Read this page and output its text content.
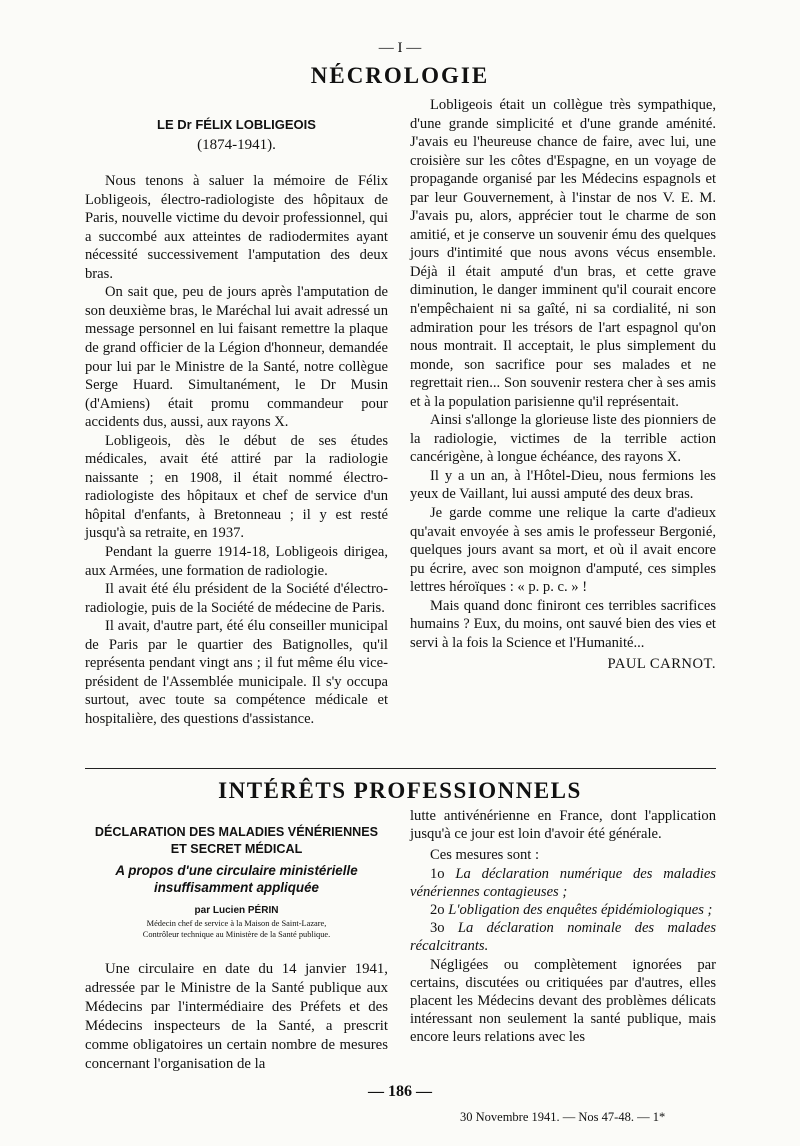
— I —
NÉCROLOGIE
LE Dr FÉLIX LOBLIGEOIS
(1874-1941).

Nous tenons à saluer la mémoire de Félix Lobligeois, électro-radiologiste des hôpitaux de Paris, nouvelle victime du devoir professionnel, qui a succombé aux atteintes de radiodermites ayant nécessité successivement l'amputation des deux bras.

On sait que, peu de jours après l'amputation de son deuxième bras, le Maréchal lui avait adressé un message personnel en lui faisant remettre la plaque de grand officier de la Légion d'honneur, demandée pour lui par le Ministre de la Santé, notre collègue Serge Huard. Simultanément, le Dr Musin (d'Amiens) était promu commandeur pour accidents dus, aussi, aux rayons X.

Lobligeois, dès le début de ses études médicales, avait été attiré par la radiologie naissante ; en 1908, il était nommé électro-radiologiste des hôpitaux et chef de service d'un hôpital d'enfants, à Bretonneau ; il y est resté jusqu'à sa retraite, en 1937.

Pendant la guerre 1914-18, Lobligeois dirigea, aux Armées, une formation de radiologie.

Il avait été élu président de la Société d'électro-radiologie, puis de la Société de médecine de Paris.

Il avait, d'autre part, été élu conseiller municipal de Paris par le quartier des Batignolles, qu'il représenta pendant vingt ans ; il fut même élu vice-président de l'Assemblée municipale. Il s'y occupa surtout, avec toute sa compétence médicale et hospitalière, des questions d'assistance.

Lobligeois était un collègue très sympathique, d'une grande simplicité et d'une grande aménité. J'avais eu l'heureuse chance de faire, avec lui, une croisière sur les côtes d'Espagne, en un voyage de propagande organisé par les Médecins espagnols et par leur Gouvernement, à l'instar de nos V. E. M. J'avais pu, alors, apprécier tout le charme de son amitié, et je conserve un souvenir ému des quelques jours d'intimité que nous avons vécus ensemble. Déjà il était amputé d'un bras, et cette grave diminution, le danger imminent qu'il courait encore n'empêchaient ni sa gaîté, ni sa cordialité, ni son admiration pour les trésors de l'art espagnol qu'on nous montrait. Il acceptait, le plus simplement du monde, son sacrifice pour ses malades et ne regrettait rien... Son souvenir restera cher à ses amis et à la population parisienne qu'il représentait.

Ainsi s'allonge la glorieuse liste des pionniers de la radiologie, victimes de la terrible action cancérigène, à longue échéance, des rayons X.

Il y a un an, à l'Hôtel-Dieu, nous fermions les yeux de Vaillant, lui aussi amputé des deux bras.

Je garde comme une relique la carte d'adieux qu'avait envoyée à ses amis le professeur Bergonié, quelques jours avant sa mort, et où il avait encore pu écrire, avec son moignon d'amputé, ces simples lettres héroïques : « p. p. c. » !

Mais quand donc finiront ces terribles sacrifices humains ? Eux, du moins, ont sauvé bien des vies et servi à la fois la Science et l'Humanité...

PAUL CARNOT.

INTÉRÊTS PROFESSIONNELS
DÉCLARATION DES MALADIES VÉNÉRIENNES
ET SECRET MÉDICAL
A propos d'une circulaire ministérielle
insuffisamment appliquée
par Lucien PÉRIN
Médecin chef de service à la Maison de Saint-Lazare,
Contrôleur technique au Ministère de la Santé publique.

Une circulaire en date du 14 janvier 1941, adressée par le Ministre de la Santé publique aux Médecins par l'intermédiaire des Préfets et des Médecins inspecteurs de la Santé, a prescrit comme obligatoires un certain nombre de mesures concernant l'organisation de la

lutte antivénérienne en France, dont l'application jusqu'à ce jour est loin d'avoir été générale.

Ces mesures sont :

1o La déclaration numérique des maladies vénériennes contagieuses ;

2o L'obligation des enquêtes épidémiologiques ;

3o La déclaration nominale des malades récalcitrants.

Négligées ou complètement ignorées par certains, discutées ou critiquées par d'autres, elles placent les Médecins devant des problèmes délicats intéressant non seulement la santé publique, mais encore leurs relations avec les

— 186 —
30 Novembre 1941. — Nos 47-48. — 1*
